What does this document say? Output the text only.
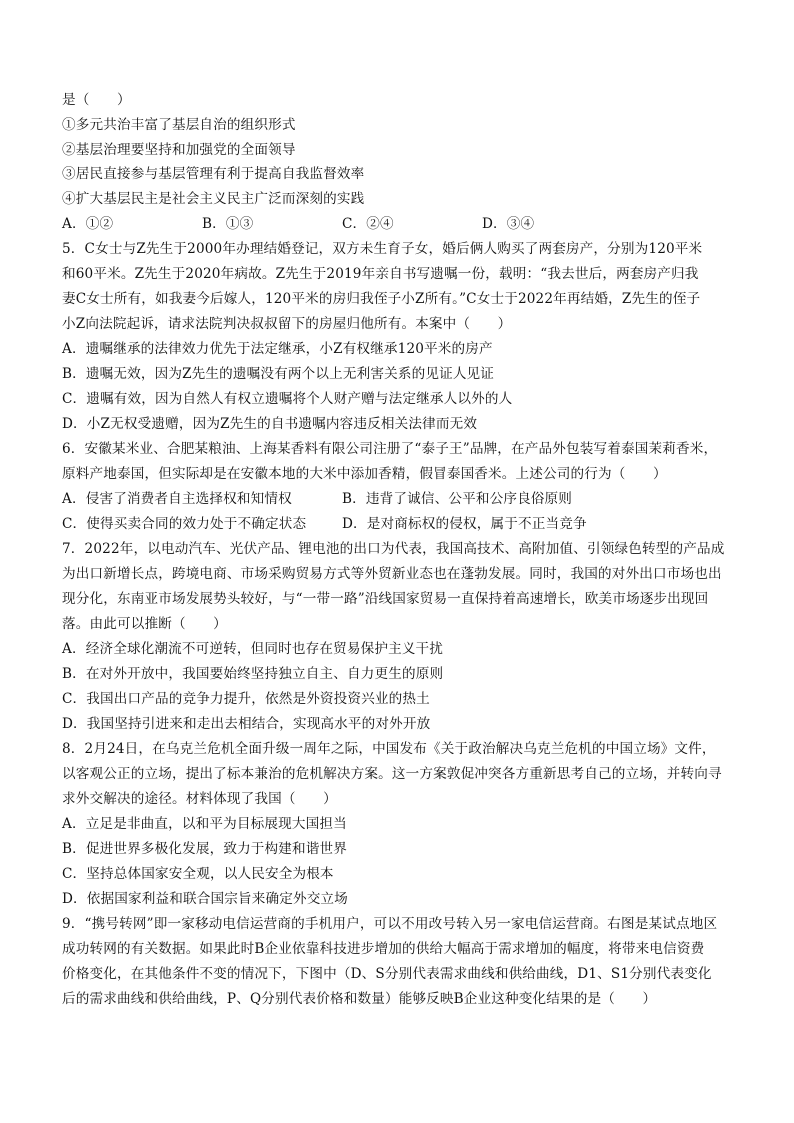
是（　　）
①多元共治丰富了基层自治的组织形式
②基层治理要坚持和加强党的全面领导
③居民直接参与基层管理有利于提高自我监督效率
④扩大基层民主是社会主义民主广泛而深刻的实践
A．①②	B．①③	C．②④	D．③④
5．C女士与Z先生于2000年办理结婚登记，双方未生育子女，婚后俩人购买了两套房产，分别为120平米
和60平米。Z先生于2020年病故。Z先生于2019年亲自书写遗嘱一份，载明：“我去世后，两套房产归我
妻C女士所有，如我妻今后嫁人，120平米的房归我侄子小Z所有。”C女士于2022年再结婚，Z先生的侄子
小Z向法院起诉，请求法院判决叔叔留下的房屋归他所有。本案中（　　）
A．遗嘱继承的法律效力优先于法定继承，小Z有权继承120平米的房产
B．遗嘱无效，因为Z先生的遗嘱没有两个以上无利害关系的见证人见证
C．遗嘱有效，因为自然人有权立遗嘱将个人财产赠与法定继承人以外的人
D．小Z无权受遗赠，因为Z先生的自书遗嘱内容违反相关法律而无效
6．安徽某米业、合肥某粮油、上海某香料有限公司注册了“泰子王”品牌，在产品外包装写着泰国茉莉香米，
原料产地泰国，但实际却是在安徽本地的大米中添加香精，假冒泰国香米。上述公司的行为（　　）
A．侵害了消费者自主选择权和知情权	B．违背了诚信、公平和公序良俗原则
C．使得买卖合同的效力处于不确定状态	D．是对商标权的侵权，属于不正当竞争
7．2022年，以电动汽车、光伏产品、锂电池的出口为代表，我国高技术、高附加值、引领绿色转型的产品成
为出口新增长点，跨境电商、市场采购贸易方式等外贸新业态也在蓬勃发展。同时，我国的对外出口市场也出
现分化，东南亚市场发展势头较好，与“一带一路”沿线国家贸易一直保持着高速增长，欧美市场逐步出现回
落。由此可以推断（　　）
A．经济全球化潮流不可逆转，但同时也存在贸易保护主义干扰
B．在对外开放中，我国要始终坚持独立自主、自力更生的原则
C．我国出口产品的竞争力提升，依然是外资投资兴业的热土
D．我国坚持引进来和走出去相结合，实现高水平的对外开放
8．2月24日，在乌克兰危机全面升级一周年之际，中国发布《关于政治解决乌克兰危机的中国立场》文件，
以客观公正的立场，提出了标本兼治的危机解决方案。这一方案敦促冲突各方重新思考自己的立场，并转向寻
求外交解决的途径。材料体现了我国（　　）
A．立足是非曲直，以和平为目标展现大国担当
B．促进世界多极化发展，致力于构建和谐世界
C．坚持总体国家安全观，以人民安全为根本
D．依据国家利益和联合国宗旨来确定外交立场
9．“携号转网”即一家移动电信运营商的手机用户，可以不用改号转入另一家电信运营商。右图是某试点地区
成功转网的有关数据。如果此时B企业依靠科技进步增加的供给大幅高于需求增加的幅度，将带来电信资费
价格变化，在其他条件不变的情况下，下图中（D、S分别代表需求曲线和供给曲线，D1、S1分别代表变化
后的需求曲线和供给曲线，P、Q分别代表价格和数量）能够反映B企业这种变化结果的是（　　）
